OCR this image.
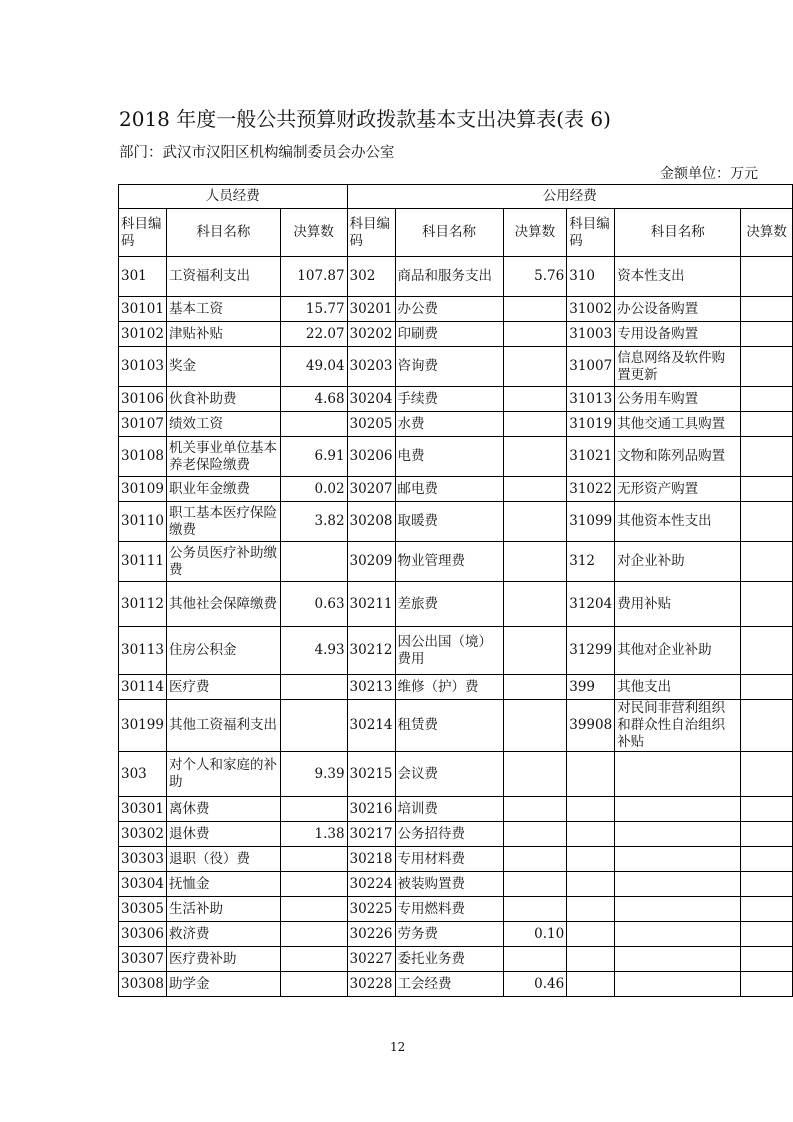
2018 年度一般公共预算财政拨款基本支出决算表(表 6)
部门：武汉市汉阳区机构编制委员会办公室
金额单位：万元
人员经费			公用经费					
科目编码	科目名称	决算数	科目编码	科目名称	决算数	科目编码	科目名称	决算数
301	工资福利支出	107.87	302	商品和服务支出	5.76	310	资本性支出	
30101	基本工资	15.77	30201	办公费		31002	办公设备购置	
30102	津贴补贴	22.07	30202	印刷费		31003	专用设备购置	
30103	奖金	49.04	30203	咨询费		31007	信息网络及软件购置更新	
30106	伙食补助费	4.68	30204	手续费		31013	公务用车购置	
30107	绩效工资		30205	水费		31019	其他交通工具购置	
30108	机关事业单位基本养老保险缴费	6.91	30206	电费		31021	文物和陈列品购置	
30109	职业年金缴费	0.02	30207	邮电费		31022	无形资产购置	
30110	职工基本医疗保险缴费	3.82	30208	取暖费		31099	其他资本性支出	
30111	公务员医疗补助缴费		30209	物业管理费		312	对企业补助	
30112	其他社会保障缴费	0.63	30211	差旅费		31204	费用补贴	
30113	住房公积金	4.93	30212	因公出国（境）费用		31299	其他对企业补助	
30114	医疗费		30213	维修（护）费		399	其他支出	
30199	其他工资福利支出		30214	租赁费		39908	对民间非营利组织和群众性自治组织补贴	
303	对个人和家庭的补助	9.39	30215	会议费				
30301	离休费		30216	培训费				
30302	退休费	1.38	30217	公务招待费				
30303	退职（役）费		30218	专用材料费				
30304	抚恤金		30224	被装购置费				
30305	生活补助		30225	专用燃料费				
30306	救济费		30226	劳务费	0.10			
30307	医疗费补助		30227	委托业务费				
30308	助学金		30228	工会经费	0.46			
12
